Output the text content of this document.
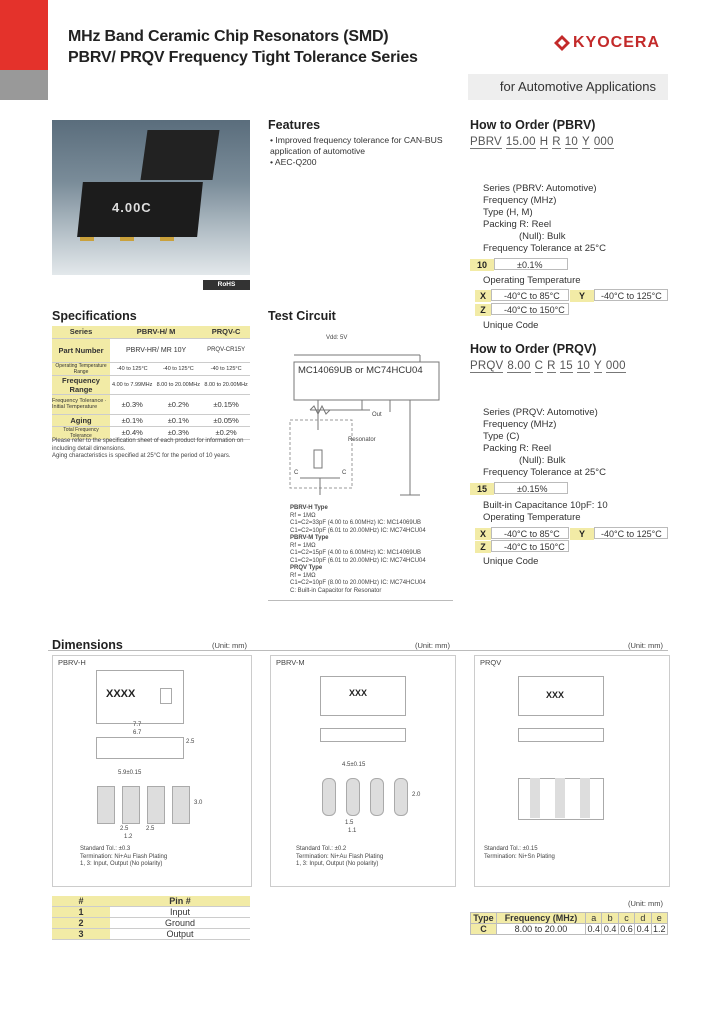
MHz Band Ceramic Chip Resonators (SMD)
PBRV/ PRQV Frequency Tight Tolerance Series
KYOCERA
for Automotive Applications
4.00C
RoHS Compliant
Features
• Improved frequency tolerance for CAN-BUS application of automotive
• AEC-Q200
How to Order (PBRV)
PBRV 15.00 H R 10 Y 000
Series (PBRV: Automotive)
Frequency (MHz)
Type (H, M)
Packing R: Reel
(Null): Bulk
Frequency Tolerance at 25°C
10	±0.1%
Operating Temperature
X	-40°C to 85°C	Y	-40°C to 125°C
Z	-40°C to 150°C
Unique Code
How to Order (PRQV)
PRQV 8.00 C R 15 10 Y 000
Series (PRQV: Automotive)
Frequency (MHz)
Type (C)
Packing R: Reel
(Null): Bulk
Frequency Tolerance at 25°C
15	±0.15%
Built-in Capacitance 10pF: 10
Operating Temperature
X	-40°C to 85°C	Y	-40°C to 125°C
Z	-40°C to 150°C
Unique Code
Specifications
Series	PBRV-H/ M		PRQV-C
Part Number	PBRV-HR/ MR 10Y		PRQV-CR15Y
Operating Temperature Range	-40 to 125°C	-40 to 125°C	-40 to 125°C
Frequency Range	4.00 to 7.99MHz	8.00 to 20.00MHz	8.00 to 20.00MHz
Frequency Tolerance · Initial Temperature	±0.3%	±0.2%	±0.15%
Aging	±0.1%	±0.1%	±0.05%
Total Frequency Tolerance	±0.4%	±0.3%	±0.2%
Please refer to the specification sheet of each product for information on including detail dimensions.
Aging characteristics is specified at 25°C for the period of 10 years.
Test Circuit
Vdd: 5V
MC14069UB or MC74HCU04
Out
Resonator
C	C
PBRV-H Type
Rf = 1MΩ
C1=C2=33pF (4.00 to 6.00MHz) IC: MC14069UB
C1=C2=10pF (6.01 to 20.00MHz) IC: MC74HCU04
PBRV-M Type
Rf = 1MΩ
C1=C2=15pF (4.00 to 6.00MHz) IC: MC14069UB
C1=C2=10pF (6.01 to 20.00MHz) IC: MC74HCU04
PRQV Type
Rf = 1MΩ
C1=C2=10pF (8.00 to 20.00MHz) IC: MC74HCU04
C: Built-in Capacitor for Resonator
Dimensions	(Unit: mm)	(Unit: mm)	(Unit: mm)
PBRV-H
XXXX
7.7
6.7
2.5
5.9±0.15
3.0
2.5	2.5
1.2
Standard Tol.: ±0.3
Termination: Ni+Au Flash Plating
1, 3: Input, Output (No polarity)
PBRV-M
XXX
4.5±0.15
2.0
1.5
1.1
Standard Tol.: ±0.2
Termination: Ni+Au Flash Plating
1, 3: Input, Output (No polarity)
PRQV
XXX
Standard Tol.: ±0.15
Termination: Ni+Sn Plating
#	Pin #
1	Input
2	Ground
3	Output
(Unit: mm)
Type	Frequency (MHz)	a	b	c	d	e
C	8.00 to 20.00	0.4	0.4	0.6	0.4	1.2
